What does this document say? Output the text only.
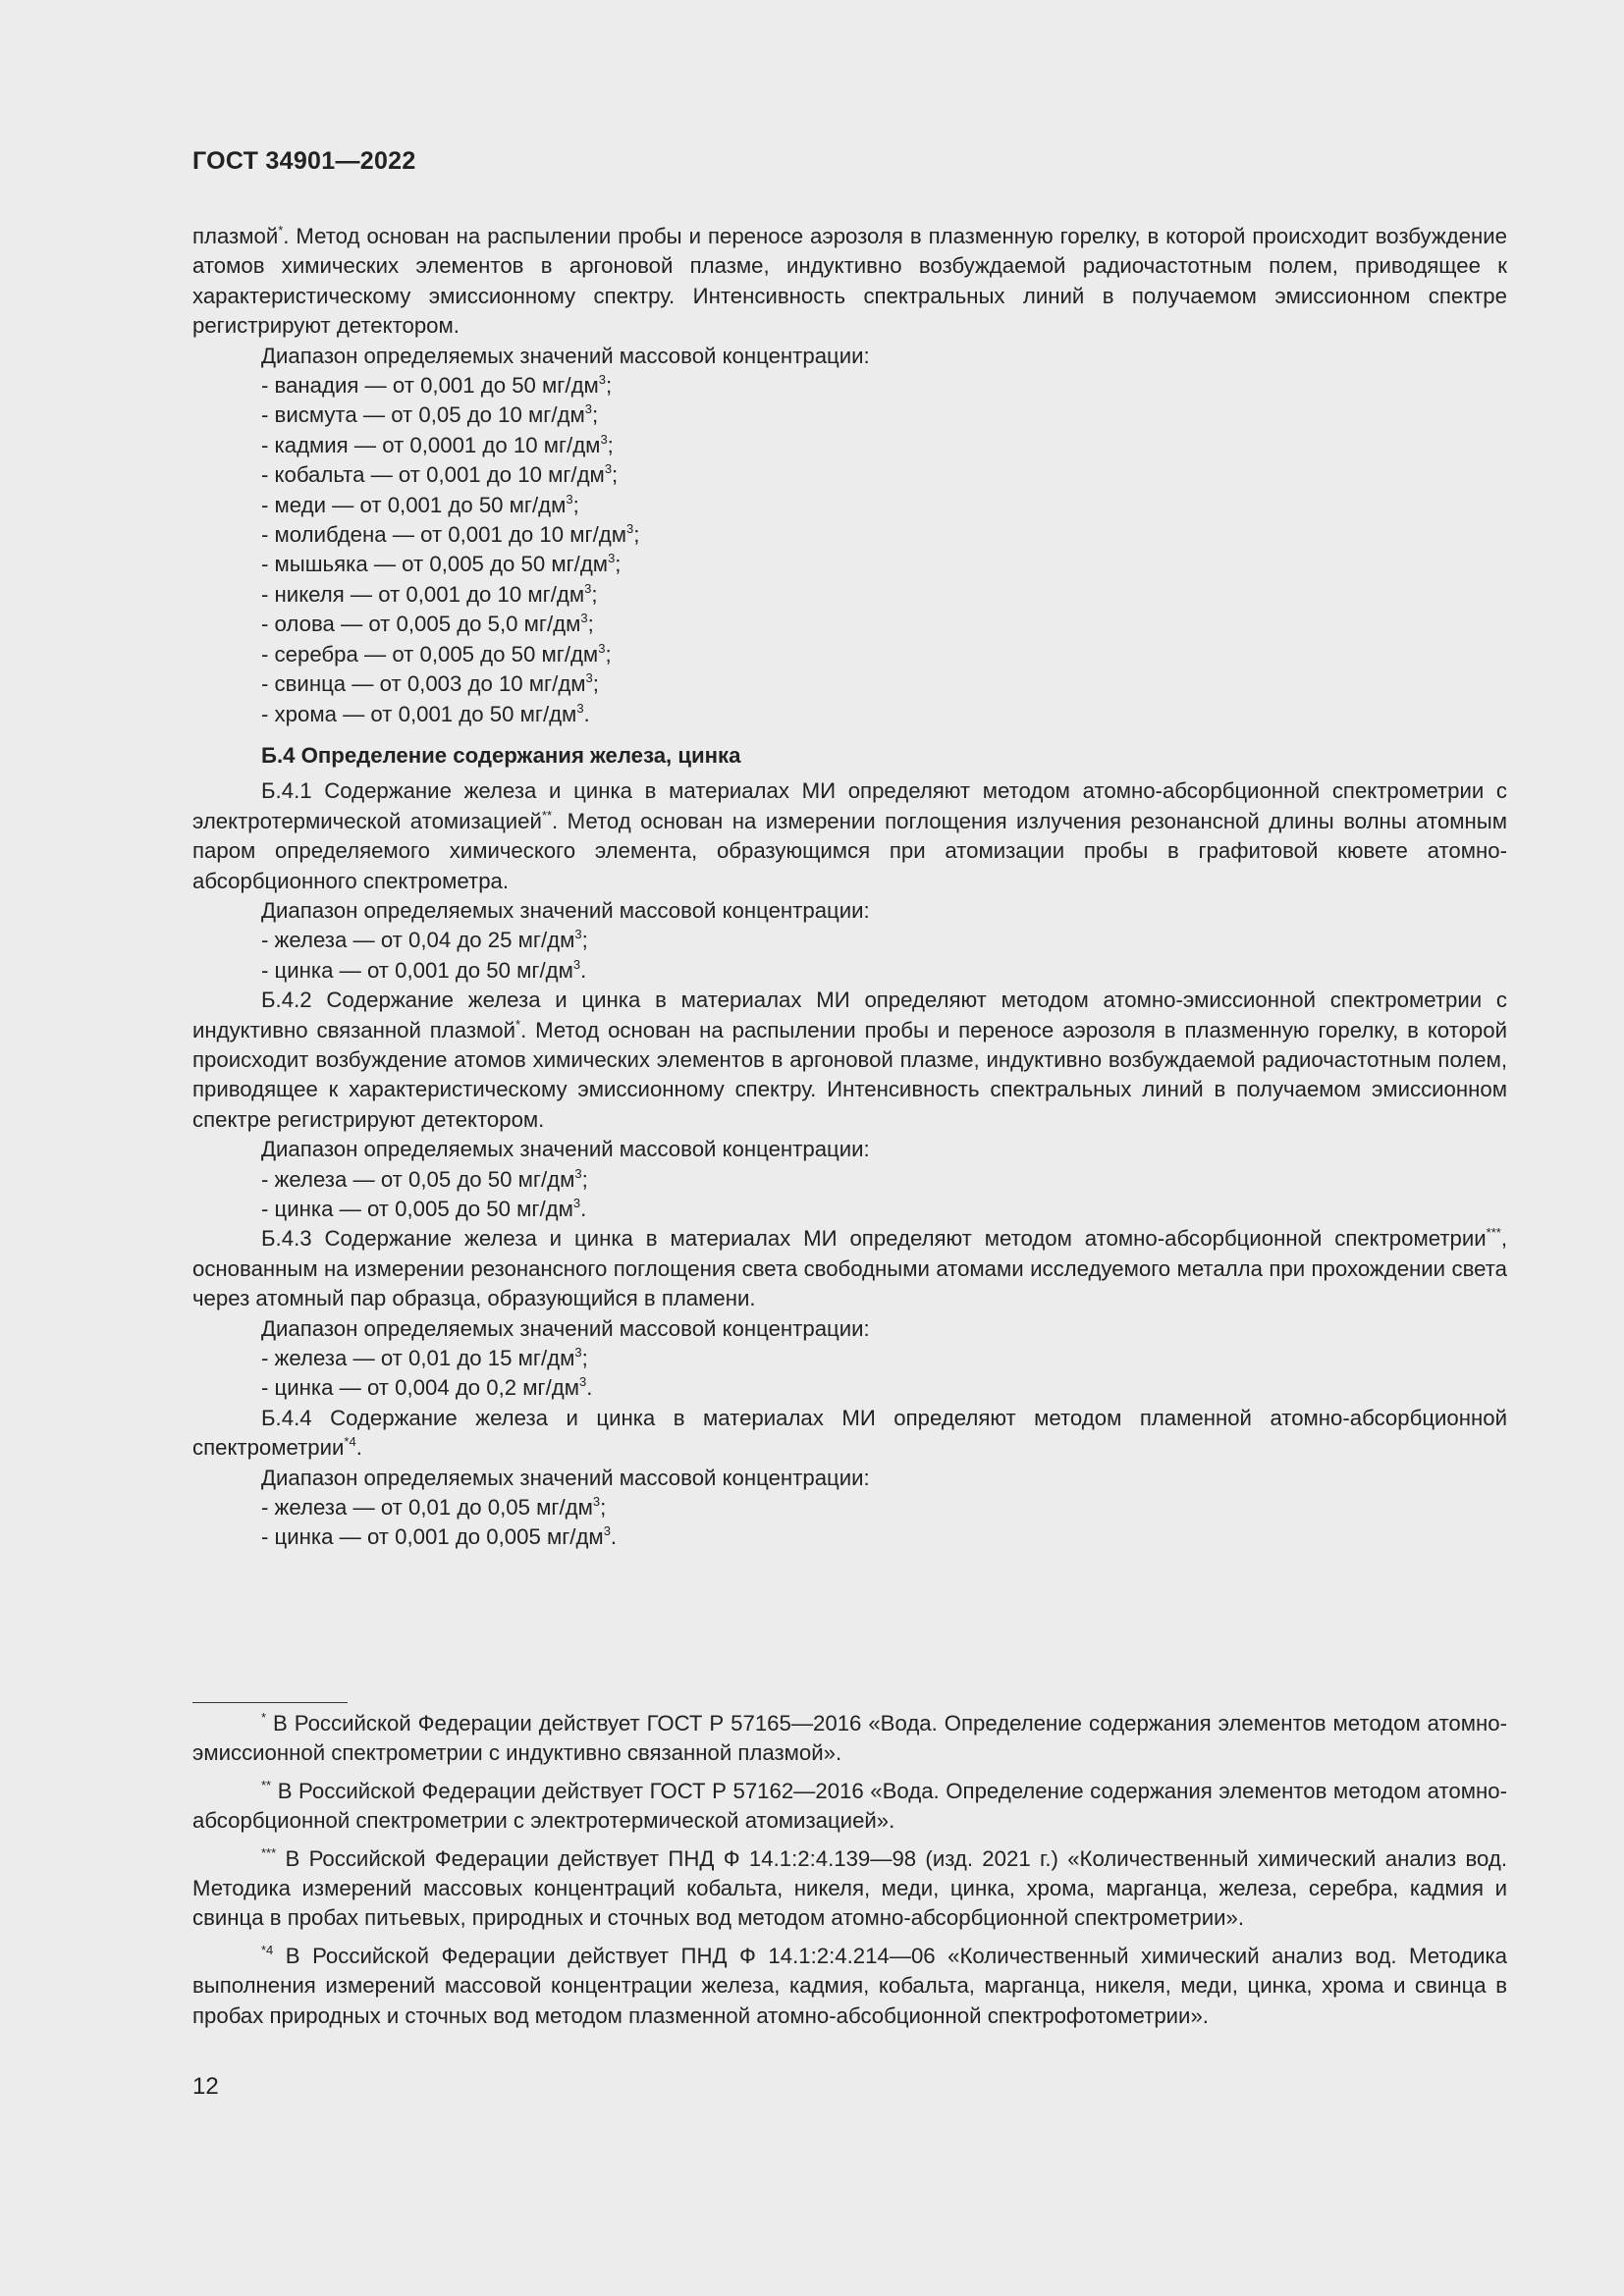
ГОСТ 34901—2022

плазмой*. Метод основан на распылении пробы и переносе аэрозоля в плазменную горелку, в которой происходит возбуждение атомов химических элементов в аргоновой плазме, индуктивно возбуждаемой радиочастотным полем, приводящее к характеристическому эмиссионному спектру. Интенсивность спектральных линий в получаемом эмиссионном спектре регистрируют детектором.

Диапазон определяемых значений массовой концентрации:

- ванадия — от 0,001 до 50 $мг/дм^3$;

- висмута — от 0,05 до 10 $мг/дм^3$;

- кадмия — от 0,0001 до 10 $мг/дм^3$;

- кобальта — от 0,001 до 10 $мг/дм^3$;

- меди — от 0,001 до 50 $мг/дм^3$;

- молибдена — от 0,001 до 10 $мг/дм^3$;

- мышьяка — от 0,005 до 50 $мг/дм^3$;

- никеля — от 0,001 до 10 $мг/дм^3$;

- олова — от 0,005 до 5,0 $мг/дм^3$;

- серебра — от 0,005 до 50 $мг/дм^3$;

- свинца — от 0,003 до 10 $мг/дм^3$;

- хрома — от 0,001 до 50 $мг/дм^3$.

Б.4 Определение содержания железа, цинка

Б.4.1 Содержание железа и цинка в материалах МИ определяют методом атомно-абсорбционной спектрометрии с электротермической атомизацией**. Метод основан на измерении поглощения излучения резонансной длины волны атомным паром определяемого химического элемента, образующимся при атомизации пробы в графитовой кювете атомно-абсорбционного спектрометра.

Диапазон определяемых значений массовой концентрации:

- железа — от 0,04 до 25 $мг/дм^3$;

- цинка — от 0,001 до 50 $мг/дм^3$.

Б.4.2 Содержание железа и цинка в материалах МИ определяют методом атомно-эмиссионной спектрометрии с индуктивно связанной плазмой*. Метод основан на распылении пробы и переносе аэрозоля в плазменную горелку, в которой происходит возбуждение атомов химических элементов в аргоновой плазме, индуктивно возбуждаемой радиочастотным полем, приводящее к характеристическому эмиссионному спектру. Интенсивность спектральных линий в получаемом эмиссионном спектре регистрируют детектором.

Диапазон определяемых значений массовой концентрации:

- железа — от 0,05 до 50 $мг/дм^3$;

- цинка — от 0,005 до 50 $мг/дм^3$.

Б.4.3 Содержание железа и цинка в материалах МИ определяют методом атомно-абсорбционной спектрометрии***, основанным на измерении резонансного поглощения света свободными атомами исследуемого металла при прохождении света через атомный пар образца, образующийся в пламени.

Диапазон определяемых значений массовой концентрации:

- железа — от 0,01 до 15 $мг/дм^3$;

- цинка — от 0,004 до 0,2 $мг/дм^3$.

Б.4.4 Содержание железа и цинка в материалах МИ определяют методом пламенной атомно-абсорбционной спектрометрии$^{*4}$.

Диапазон определяемых значений массовой концентрации:

- железа — от 0,01 до 0,05 $мг/дм^3$;

- цинка — от 0,001 до 0,005 $мг/дм^3$.

* В Российской Федерации действует ГОСТ Р 57165—2016 «Вода. Определение содержания элементов методом атомно-эмиссионной спектрометрии с индуктивно связанной плазмой».

** В Российской Федерации действует ГОСТ Р 57162—2016 «Вода. Определение содержания элементов методом атомно-абсорбционной спектрометрии с электротермической атомизацией».

*** В Российской Федерации действует ПНД Ф 14.1:2:4.139—98 (изд. 2021 г.) «Количественный химический анализ вод. Методика измерений массовых концентраций кобальта, никеля, меди, цинка, хрома, марганца, железа, серебра, кадмия и свинца в пробах питьевых, природных и сточных вод методом атомно-абсорбционной спектрометрии».

$^{*4}$ В Российской Федерации действует ПНД Ф 14.1:2:4.214—06 «Количественный химический анализ вод. Методика выполнения измерений массовой концентрации железа, кадмия, кобальта, марганца, никеля, меди, цинка, хрома и свинца в пробах природных и сточных вод методом плазменной атомно-абсобционной спектрофотометрии».

12
